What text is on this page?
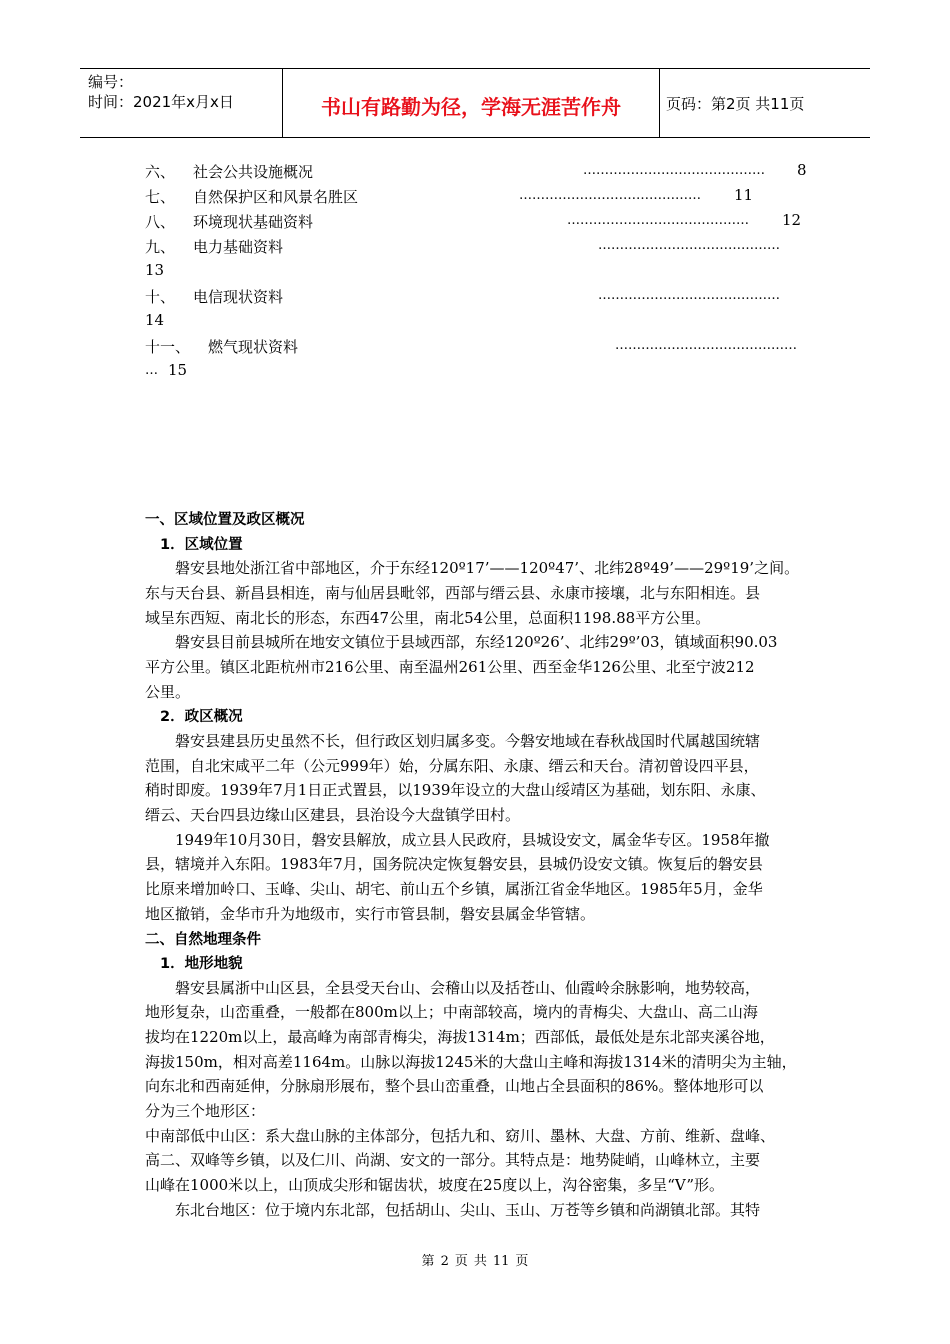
编号：
时间：2021年x月x日	书山有路勤为径，学海无涯苦作舟	页码：第2页 共11页
六、 社会公共设施概况	……………………………………	8
七、 自然保护区和风景名胜区	……………………………………	11
八、 环境现状基础资料	……………………………………	12
九、 电力基础资料	……………………………………
13
十、 电信现状资料	……………………………………
14
十一、 燃气现状资料	……………………………………
… 15
一、区域位置及政区概况
1．区域位置
磐安县地处浙江省中部地区，介于东经120º17’——120º47’、北纬28º49’——29º19’之间。
东与天台县、新昌县相连，南与仙居县毗邻，西部与缙云县、永康市接壤，北与东阳相连。县
域呈东西短、南北长的形态，东西47公里，南北54公里，总面积1198.88平方公里。
磐安县目前县城所在地安文镇位于县域西部，东经120º26’、北纬29º’03，镇域面积90.03
平方公里。镇区北距杭州市216公里、南至温州261公里、西至金华126公里、北至宁波212
公里。
2．政区概况
磐安县建县历史虽然不长，但行政区划归属多变。今磐安地域在春秋战国时代属越国统辖
范围，自北宋咸平二年（公元999年）始，分属东阳、永康、缙云和天台。清初曾设四平县，
稍时即废。1939年7月1日正式置县，以1939年设立的大盘山绥靖区为基础，划东阳、永康、
缙云、天台四县边缘山区建县，县治设今大盘镇学田村。
1949年10月30日，磐安县解放，成立县人民政府，县城设安文，属金华专区。1958年撤
县，辖境并入东阳。1983年7月，国务院决定恢复磐安县，县城仍设安文镇。恢复后的磐安县
比原来增加岭口、玉峰、尖山、胡宅、前山五个乡镇，属浙江省金华地区。1985年5月，金华
地区撤销，金华市升为地级市，实行市管县制，磐安县属金华管辖。
二、自然地理条件
1．地形地貌
磐安县属浙中山区县，全县受天台山、会稽山以及括苍山、仙霞岭余脉影响，地势较高，
地形复杂，山峦重叠，一般都在800m以上；中南部较高，境内的青梅尖、大盘山、高二山海
拔均在1220m以上，最高峰为南部青梅尖，海拔1314m；西部低，最低处是东北部夹溪谷地，
海拔150m，相对高差1164m。山脉以海拔1245米的大盘山主峰和海拔1314米的清明尖为主轴，
向东北和西南延伸，分脉扇形展布，整个县山峦重叠，山地占全县面积的86%。整体地形可以
分为三个地形区：
中南部低中山区：系大盘山脉的主体部分，包括九和、窈川、墨林、大盘、方前、维新、盘峰、
高二、双峰等乡镇，以及仁川、尚湖、安文的一部分。其特点是：地势陡峭，山峰林立，主要
山峰在1000米以上，山顶成尖形和锯齿状，坡度在25度以上，沟谷密集，多呈“V”形。
东北台地区：位于境内东北部，包括胡山、尖山、玉山、万苍等乡镇和尚湖镇北部。其特
第 2 页 共 11 页
